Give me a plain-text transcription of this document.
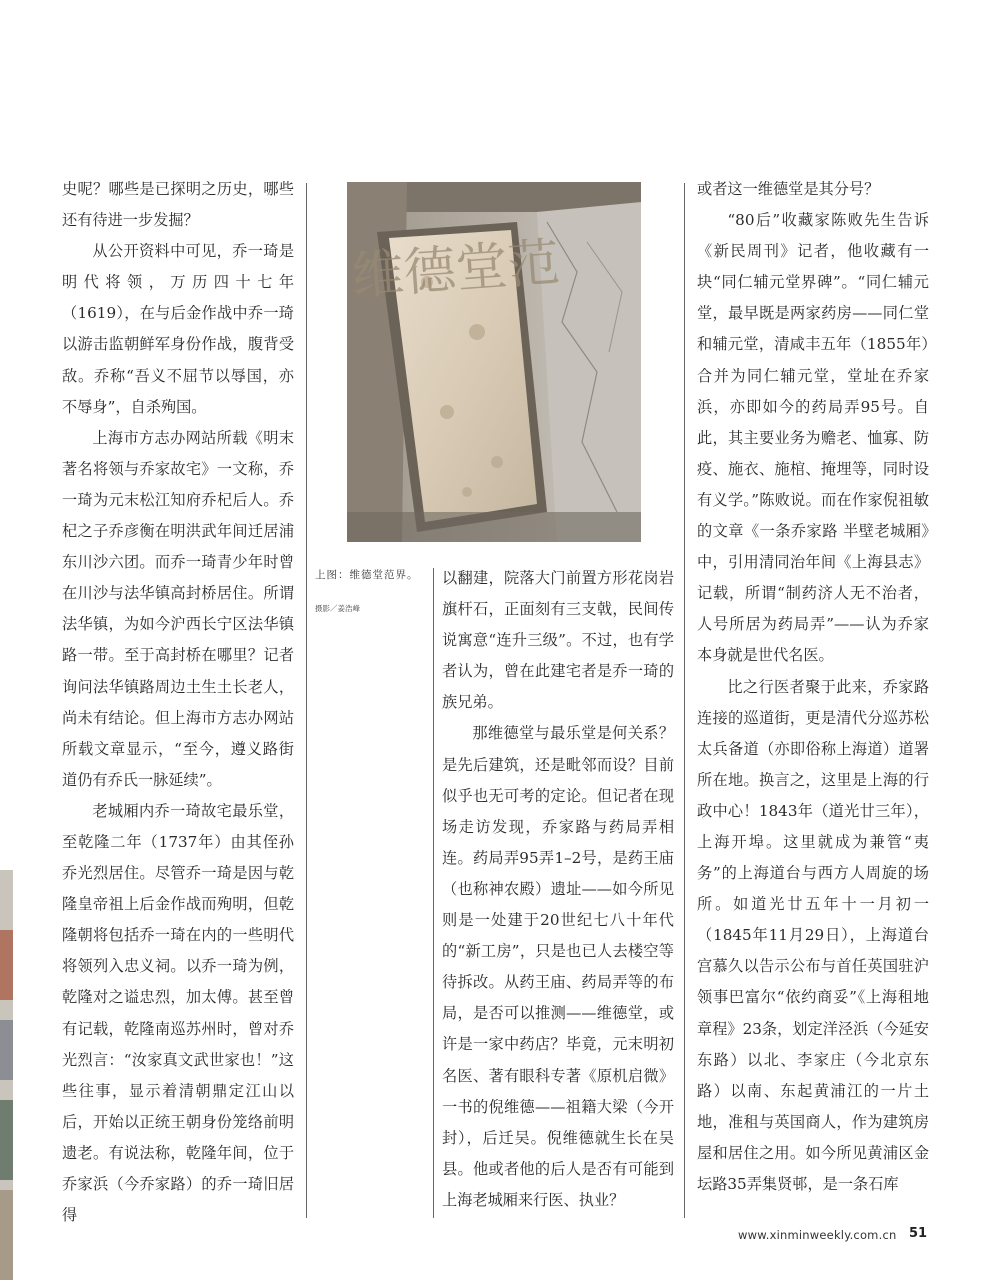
史呢？哪些是已探明之历史，哪些还有待进一步发掘？

从公开资料中可见，乔一琦是明代将领，万历四十七年（1619），在与后金作战中乔一琦以游击监朝鲜军身份作战，腹背受敌。乔称“吾义不屈节以辱国，亦不辱身”，自杀殉国。

上海市方志办网站所载《明末著名将领与乔家故宅》一文称，乔一琦为元末松江知府乔杞后人。乔杞之子乔彦衡在明洪武年间迁居浦东川沙六团。而乔一琦青少年时曾在川沙与法华镇高封桥居住。所谓法华镇，为如今沪西长宁区法华镇路一带。至于高封桥在哪里？记者询问法华镇路周边土生土长老人，尚未有结论。但上海市方志办网站所载文章显示，“至今，遵义路街道仍有乔氏一脉延续”。

老城厢内乔一琦故宅最乐堂，至乾隆二年（1737年）由其侄孙乔光烈居住。尽管乔一琦是因与乾隆皇帝祖上后金作战而殉明，但乾隆朝将包括乔一琦在内的一些明代将领列入忠义祠。以乔一琦为例，乾隆对之谥忠烈，加太傅。甚至曾有记载，乾隆南巡苏州时，曾对乔光烈言：“汝家真文武世家也！”这些往事，显示着清朝鼎定江山以后，开始以正统王朝身份笼络前明遗老。有说法称，乾隆年间，位于乔家浜（今乔家路）的乔一琦旧居得

维德堂范
上图：维德堂范界。
摄影／姜浩峰

以翻建，院落大门前置方形花岗岩旗杆石，正面刻有三支戟，民间传说寓意“连升三级”。不过，也有学者认为，曾在此建宅者是乔一琦的族兄弟。

那维德堂与最乐堂是何关系？是先后建筑，还是毗邻而设？目前似乎也无可考的定论。但记者在现场走访发现，乔家路与药局弄相连。药局弄95弄1–2号，是药王庙（也称神农殿）遗址——如今所见则是一处建于20世纪七八十年代的“新工房”，只是也已人去楼空等待拆改。从药王庙、药局弄等的布局，是否可以推测——维德堂，或许是一家中药店？毕竟，元末明初名医、著有眼科专著《原机启微》一书的倪维德——祖籍大梁（今开封），后迁吴。倪维德就生长在吴县。他或者他的后人是否有可能到上海老城厢来行医、执业？

或者这一维德堂是其分号？

“80后”收藏家陈败先生告诉《新民周刊》记者，他收藏有一块“同仁辅元堂界碑”。“同仁辅元堂，最早既是两家药房——同仁堂和辅元堂，清咸丰五年（1855年）合并为同仁辅元堂，堂址在乔家浜，亦即如今的药局弄95号。自此，其主要业务为赡老、恤寡、防疫、施衣、施棺、掩埋等，同时设有义学。”陈败说。而在作家倪祖敏的文章《一条乔家路 半壁老城厢》中，引用清同治年间《上海县志》记载，所谓“制药济人无不治者，人号所居为药局弄”——认为乔家本身就是世代名医。

比之行医者聚于此来，乔家路连接的巡道街，更是清代分巡苏松太兵备道（亦即俗称上海道）道署所在地。换言之，这里是上海的行政中心！1843年（道光廿三年），上海开埠。这里就成为兼管“夷务”的上海道台与西方人周旋的场所。如道光廿五年十一月初一（1845年11月29日），上海道台宫慕久以告示公布与首任英国驻沪领事巴富尔“依约商妥”《上海租地章程》23条，划定洋泾浜（今延安东路）以北、李家庄（今北京东路）以南、东起黄浦江的一片土地，准租与英国商人，作为建筑房屋和居住之用。如今所见黄浦区金坛路35弄集贤邨，是一条石库

www.xinminweekly.com.cn 51
